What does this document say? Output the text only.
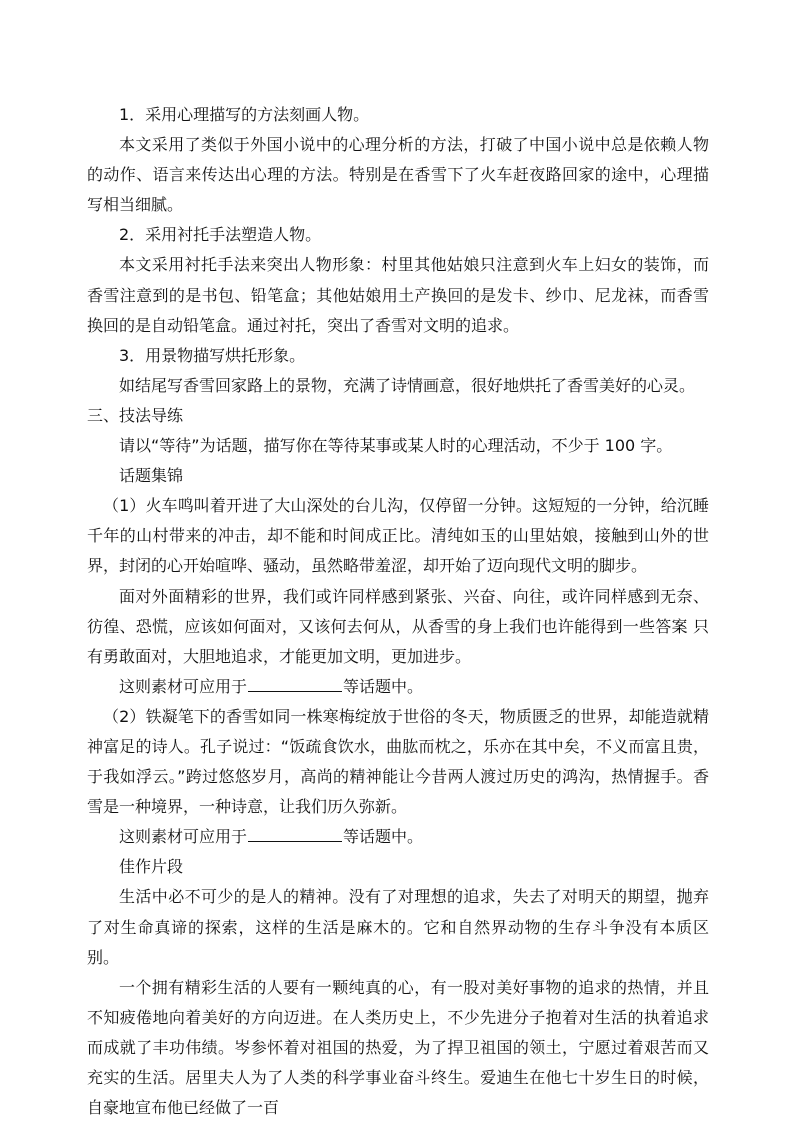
1．采用心理描写的方法刻画人物。

本文采用了类似于外国小说中的心理分析的方法，打破了中国小说中总是依赖人物的动作、语言来传达出心理的方法。特别是在香雪下了火车赶夜路回家的途中，心理描写相当细腻。

2．采用衬托手法塑造人物。

本文采用衬托手法来突出人物形象：村里其他姑娘只注意到火车上妇女的装饰，而香雪注意到的是书包、铅笔盒；其他姑娘用土产换回的是发卡、纱巾、尼龙袜，而香雪换回的是自动铅笔盒。通过衬托，突出了香雪对文明的追求。

3．用景物描写烘托形象。

如结尾写香雪回家路上的景物，充满了诗情画意，很好地烘托了香雪美好的心灵。

三、技法导练

请以“等待”为话题，描写你在等待某事或某人时的心理活动，不少于 100 字。

话题集锦

（1）火车鸣叫着开进了大山深处的台儿沟，仅停留一分钟。这短短的一分钟，给沉睡千年的山村带来的冲击，却不能和时间成正比。清纯如玉的山里姑娘，接触到山外的世界，封闭的心开始喧哗、骚动，虽然略带羞涩，却开始了迈向现代文明的脚步。

面对外面精彩的世界，我们或许同样感到紧张、兴奋、向往，或许同样感到无奈、彷徨、恐慌，应该如何面对，又该何去何从，从香雪的身上我们也许能得到一些答案 只有勇敢面对，大胆地追求，才能更加文明，更加进步。

这则素材可应用于	等话题中。

（2）铁凝笔下的香雪如同一株寒梅绽放于世俗的冬天，物质匮乏的世界，却能造就精神富足的诗人。孔子说过：“饭疏食饮水，曲肱而枕之，乐亦在其中矣，不义而富且贵，于我如浮云。”跨过悠悠岁月，高尚的精神能让今昔两人渡过历史的鸿沟，热情握手。香雪是一种境界，一种诗意，让我们历久弥新。

这则素材可应用于	等话题中。

佳作片段

生活中必不可少的是人的精神。没有了对理想的追求，失去了对明天的期望，抛弃了对生命真谛的探索，这样的生活是麻木的。它和自然界动物的生存斗争没有本质区别。

一个拥有精彩生活的人要有一颗纯真的心，有一股对美好事物的追求的热情，并且不知疲倦地向着美好的方向迈进。在人类历史上，不少先进分子抱着对生活的执着追求而成就了丰功伟绩。岑参怀着对祖国的热爱，为了捍卫祖国的领土，宁愿过着艰苦而又充实的生活。居里夫人为了人类的科学事业奋斗终生。爱迪生在他七十岁生日的时候，自豪地宣布他已经做了一百
